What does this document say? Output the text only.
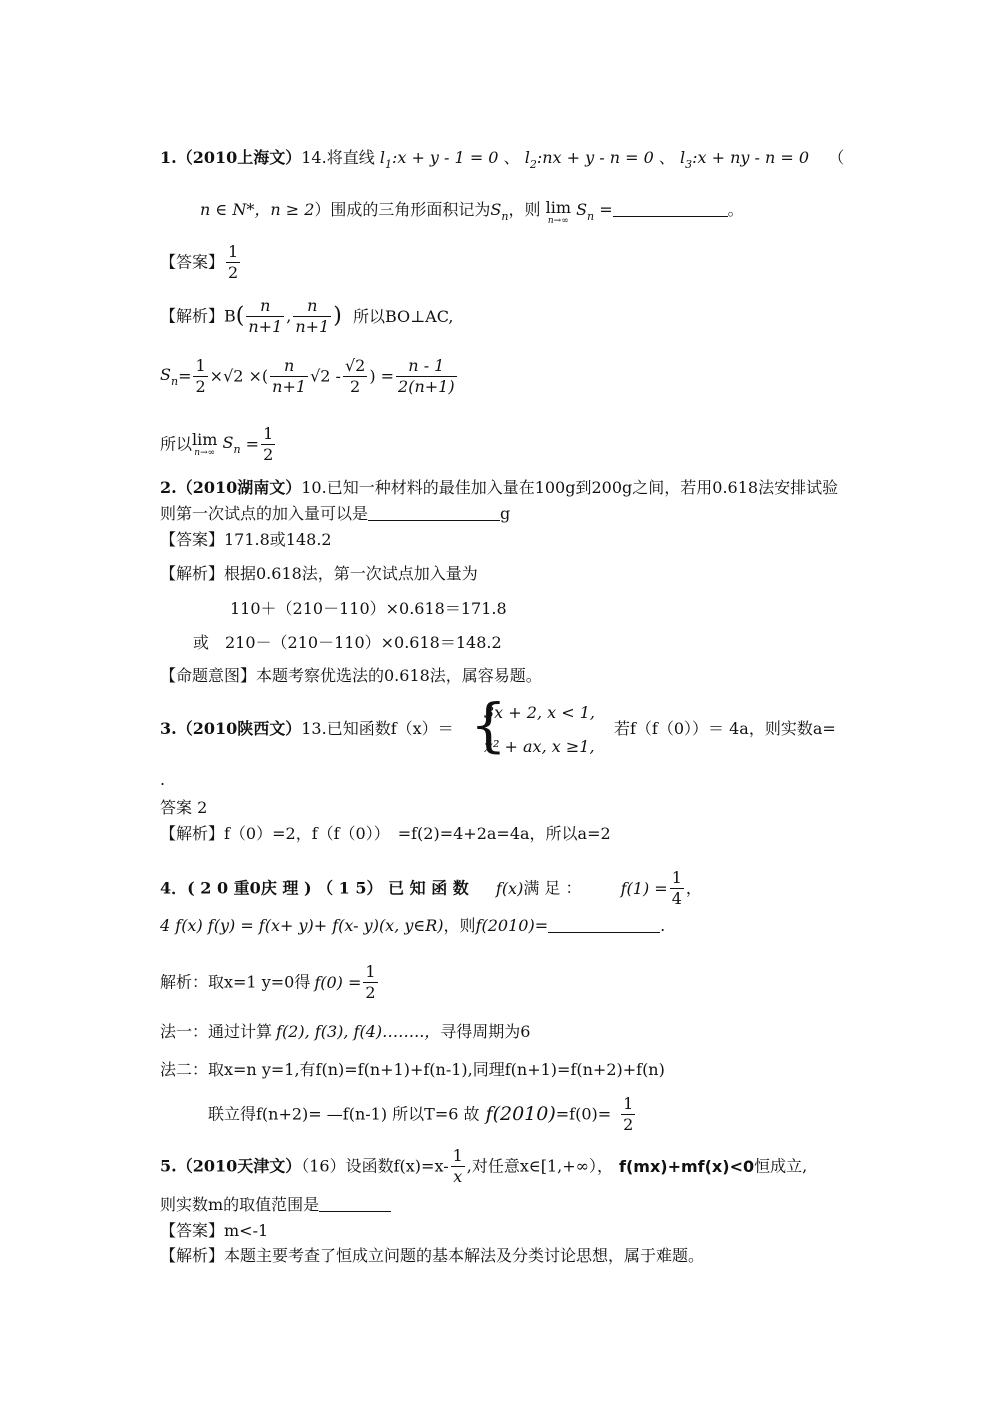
1.（2010上海文）14.将直线 $l_1:x + y - 1 = 0$ 、 $l_2:nx + y - n = 0$ 、 $l_3:x$ + ny - n = 0 （
n ∈ N*，n ≥ 2）围成的三角形面积记为$S_n$，则 lim
n→∞
$S_n$ =	。
【答案】 $\frac{1}{2}$
【解析】$B( \frac{n}{n+1}$ , $\frac{n}{n+1}$ ) 所以BO⊥AC,
$S_n= \frac{1}{2} \times√2$ ×( $\frac{n}{n+1} √2 - \frac{√2}{2}$ ) = $\frac{n - 1}{2(n+1)}$
所以 lim
n→∞
$S_n = \frac{1}{2}$
2.（2010湖南文）10.已知一种材料的最佳加入量在100g到200g之间，若用0.618法安排试验
则第一次试点的加入量可以是	g
【答案】171.8或148.2
【解析】根据0.618法，第一次试点加入量为
110＋（210－110）×0.618＝171.8
或　210－（210－110）×0.618＝148.2
【命题意图】本题考察优选法的0.618法，属容易题。
{
3.（2010陕西文）13.已知函数f（x）＝
3x + 2, x < 1,
x² + ax, x ≥1,
若f（f（0））＝ 4a，则实数a=
.
答案 2
【解析】f（0）=2，f（f（0））　=f(2)=4+2a=4a，所以a=2
4．( 2 0 重0庆 理 ) （ 1 5） 已 知 函 数 f(x)满 足 ： $f(1) = \frac{1}{4}$ ，
4 f(x) f(y) = f(x+ y)+ f(x- y)(x, y∈R)，则f(2010)=	.
解析：取x=1 y=0得 $f(0) = \frac{1}{2}$
法一：通过计算 f(2), f(3), f(4)……..，寻得周期为6
法二：取x=n y=1,有f(n)=f(n+1)+f(n-1),同理f(n+1)=f(n+2)+f(n)
联立得f(n+2)= —f(n-1) 所以T=6 故 $f(2010)=f(0)= \frac{1}{2}$
5.（2010天津文）（16）设函数$f(x)=x- \frac{1}{x}$ ,对任意x∈[1,+∞）， f(mx)+mf(x)<0恒成立,
则实数m的取值范围是
【答案】m<-1
【解析】本题主要考查了恒成立问题的基本解法及分类讨论思想，属于难题。
